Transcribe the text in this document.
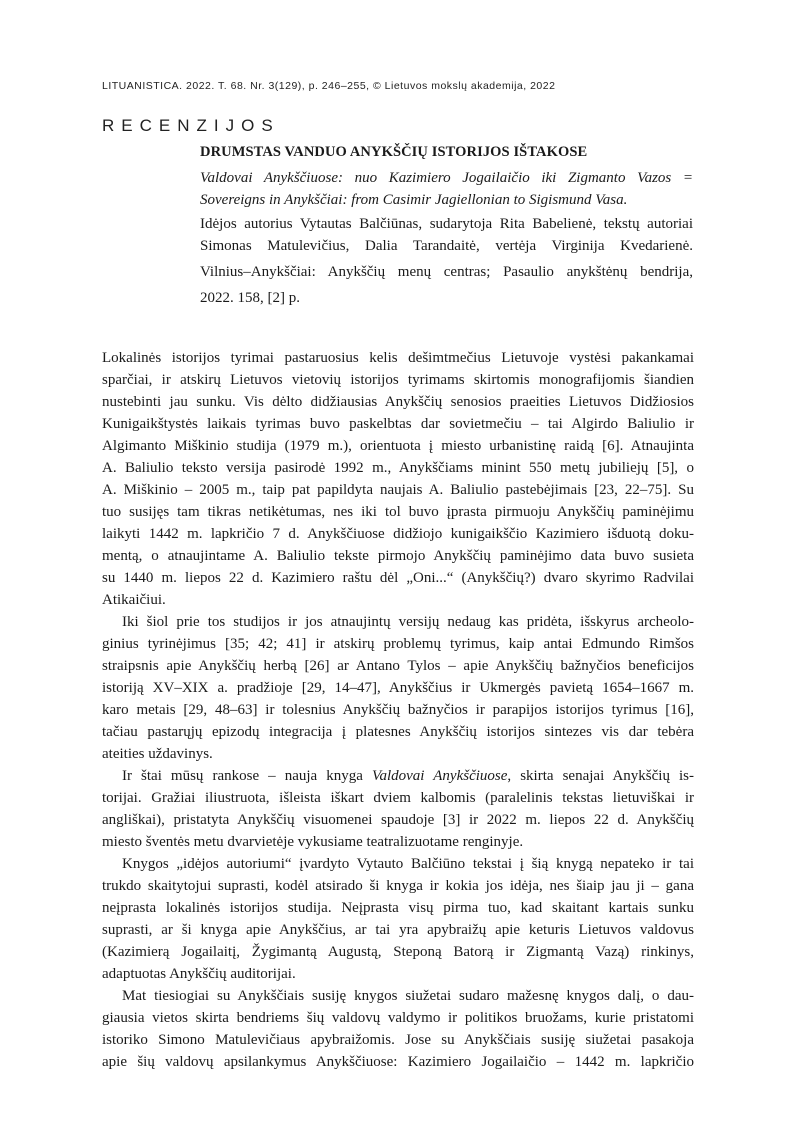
LITUANISTICA. 2022. T. 68. Nr. 3(129), p. 246–255, © Lietuvos mokslų akademija, 2022
RECENZIJOS
DRUMSTAS VANDUO ANYKŠČIŲ ISTORIJOS IŠTAKOSE
Valdovai Anykščiuose: nuo Kazimiero Jogailaičio iki Zigmanto Vazos =
Sovereigns in Anykščiai: from Casimir Jagiellonian to Sigismund Vasa.
Idėjos autorius Vytautas Balčiūnas, sudarytoja Rita Babelienė, tekstų autoriai
Simonas Matulevičius, Dalia Tarandaitė, vertėja Virginija Kvedarienė.
Vilnius–Anykščiai: Anykščių menų centras; Pasaulio anykštėnų bendrija,
2022. 158, [2] p.

Lokalinės istorijos tyrimai pastaruosius kelis dešimtmečius Lietuvoje vystėsi pakankamai
sparčiai, ir atskirų Lietuvos vietovių istorijos tyrimams skirtomis monografijomis šiandien
nustebinti jau sunku. Vis dėlto didžiausias Anykščių senosios praeities Lietuvos Didžiosios
Kunigaikštystės laikais tyrimas buvo paskelbtas dar sovietmečiu – tai Algirdo Baliulio ir
Algimanto Miškinio studija (1979 m.), orientuota į miesto urbanistinę raidą [6]. Atnaujinta
A. Baliulio teksto versija pasirodė 1992 m., Anykščiams minint 550 metų jubiliejų [5], o
A. Miškinio – 2005 m., taip pat papildyta naujais A. Baliulio pastebėjimais [23, 22–75]. Su
tuo susijęs tam tikras netikėtumas, nes iki tol buvo įprasta pirmuoju Anykščių paminėjimu
laikyti 1442 m. lapkričio 7 d. Anykščiuose didžiojo kunigaikščio Kazimiero išduotą doku-
mentą, o atnaujintame A. Baliulio tekste pirmojo Anykščių paminėjimo data buvo susieta
su 1440 m. liepos 22 d. Kazimiero raštu dėl „Oni...“ (Anykščių?) dvaro skyrimo Radvilai
Atikaičiui.

Iki šiol prie tos studijos ir jos atnaujintų versijų nedaug kas pridėta, išskyrus archeolo-
ginius tyrinėjimus [35; 42; 41] ir atskirų problemų tyrimus, kaip antai Edmundo Rimšos
straipsnis apie Anykščių herbą [26] ar Antano Tylos – apie Anykščių bažnyčios beneficijos
istoriją XV–XIX a. pradžioje [29, 14–47], Anykščius ir Ukmergės pavietą 1654–1667 m.
karo metais [29, 48–63] ir tolesnius Anykščių bažnyčios ir parapijos istorijos tyrimus [16],
tačiau pastarųjų epizodų integracija į platesnes Anykščių istorijos sintezes vis dar tebėra
ateities uždavinys.

Ir štai mūsų rankose – nauja knyga Valdovai Anykščiuose, skirta senajai Anykščių is-
torijai. Gražiai iliustruota, išleista iškart dviem kalbomis (paralelinis tekstas lietuviškai ir
angliškai), pristatyta Anykščių visuomenei spaudoje [3] ir 2022 m. liepos 22 d. Anykščių
miesto šventės metu dvarvietėje vykusiame teatralizuotame renginyje.

Knygos „idėjos autoriumi“ įvardyto Vytauto Balčiūno tekstai į šią knygą nepateko ir tai
trukdo skaitytojui suprasti, kodėl atsirado ši knyga ir kokia jos idėja, nes šiaip jau ji – gana
neįprasta lokalinės istorijos studija. Neįprasta visų pirma tuo, kad skaitant kartais sunku
suprasti, ar ši knyga apie Anykščius, ar tai yra apybraižų apie keturis Lietuvos valdovus
(Kazimierą Jogailaitį, Žygimantą Augustą, Steponą Batorą ir Zigmantą Vazą) rinkinys,
adaptuotas Anykščių auditorijai.

Mat tiesiogiai su Anykščiais susiję knygos siužetai sudaro mažesnę knygos dalį, o dau-
giausia vietos skirta bendriems šių valdovų valdymo ir politikos bruožams, kurie pristatomi
istoriko Simono Matulevičiaus apybraižomis. Jose su Anykščiais susiję siužetai pasakoja
apie šių valdovų apsilankymus Anykščiuose: Kazimiero Jogailaičio – 1442 m. lapkričio
